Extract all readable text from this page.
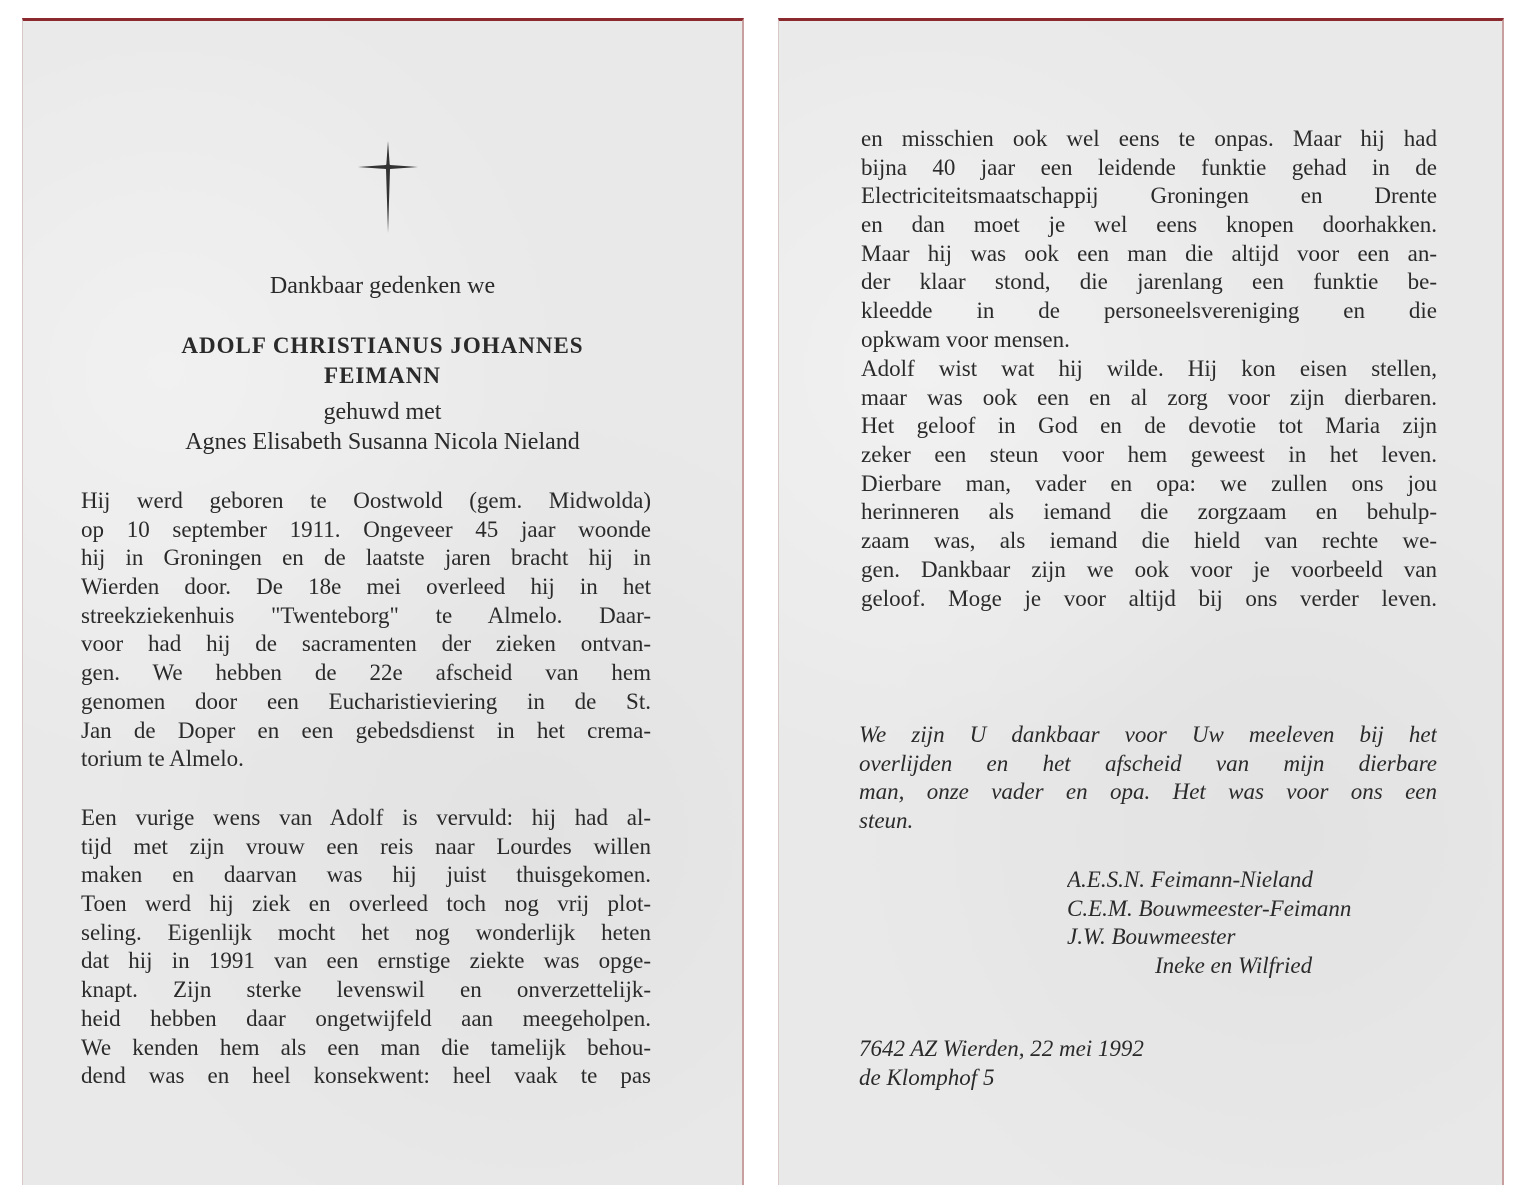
Dankbaar gedenken we
ADOLF CHRISTIANUS JOHANNES
FEIMANN
gehuwd met
Agnes Elisabeth Susanna Nicola Nieland
Hij werd geboren te Oostwold (gem. Midwolda)
op 10 september 1911. Ongeveer 45 jaar woonde
hij in Groningen en de laatste jaren bracht hij in
Wierden door. De 18e mei overleed hij in het
streekziekenhuis "Twenteborg" te Almelo. Daar-
voor had hij de sacramenten der zieken ontvan-
gen. We hebben de 22e afscheid van hem
genomen door een Eucharistieviering in de St.
Jan de Doper en een gebedsdienst in het crema-
torium te Almelo.
Een vurige wens van Adolf is vervuld: hij had al-
tijd met zijn vrouw een reis naar Lourdes willen
maken en daarvan was hij juist thuisgekomen.
Toen werd hij ziek en overleed toch nog vrij plot-
seling. Eigenlijk mocht het nog wonderlijk heten
dat hij in 1991 van een ernstige ziekte was opge-
knapt. Zijn sterke levenswil en onverzettelijk-
heid hebben daar ongetwijfeld aan meegeholpen.
We kenden hem als een man die tamelijk behou-
dend was en heel konsekwent: heel vaak te pas
en misschien ook wel eens te onpas. Maar hij had
bijna 40 jaar een leidende funktie gehad in de
Electriciteitsmaatschappij Groningen en Drente
en dan moet je wel eens knopen doorhakken.
Maar hij was ook een man die altijd voor een an-
der klaar stond, die jarenlang een funktie be-
kleedde in de personeelsvereniging en die
opkwam voor mensen.
Adolf wist wat hij wilde. Hij kon eisen stellen,
maar was ook een en al zorg voor zijn dierbaren.
Het geloof in God en de devotie tot Maria zijn
zeker een steun voor hem geweest in het leven.
Dierbare man, vader en opa: we zullen ons jou
herinneren als iemand die zorgzaam en behulp-
zaam was, als iemand die hield van rechte we-
gen. Dankbaar zijn we ook voor je voorbeeld van
geloof. Moge je voor altijd bij ons verder leven.
We zijn U dankbaar voor Uw meeleven bij het
overlijden en het afscheid van mijn dierbare
man, onze vader en opa. Het was voor ons een
steun.
A.E.S.N. Feimann-Nieland
C.E.M. Bouwmeester-Feimann
J.W. Bouwmeester
Ineke en Wilfried
7642 AZ Wierden, 22 mei 1992
de Klomphof 5
